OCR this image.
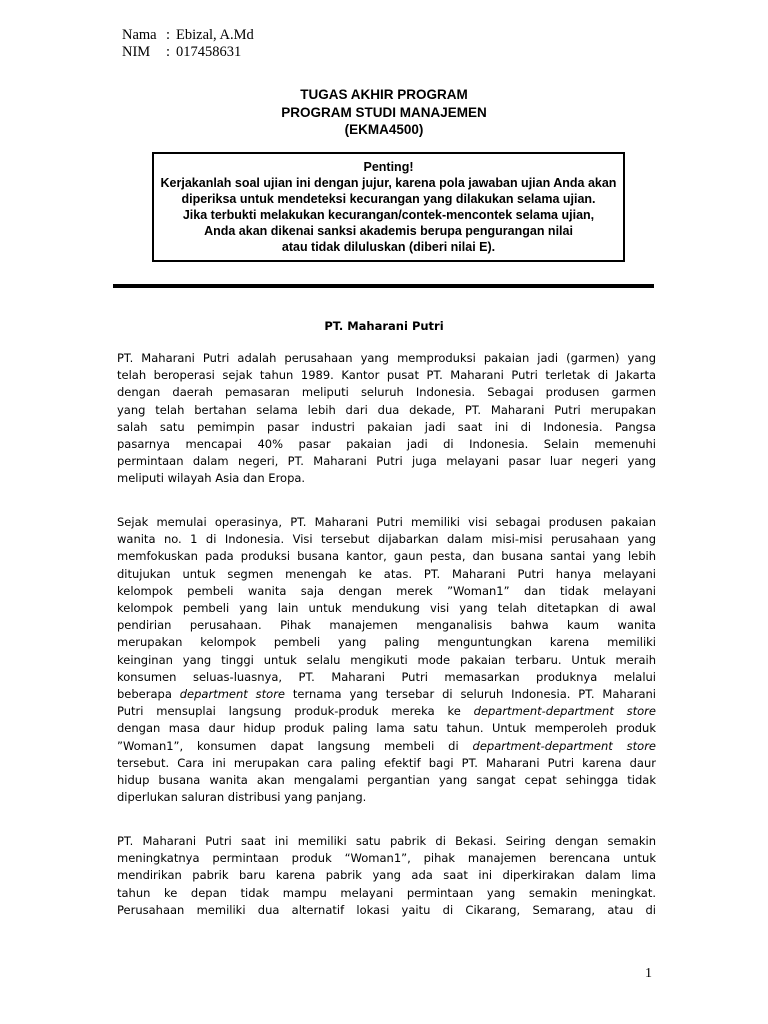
Nama : Ebizal, A.Md
NIM	: 017458631
TUGAS AKHIR PROGRAM
PROGRAM STUDI MANAJEMEN
(EKMA4500)
Penting!
Kerjakanlah soal ujian ini dengan jujur, karena pola jawaban ujian Anda akan
diperiksa untuk mendeteksi kecurangan yang dilakukan selama ujian.
Jika terbukti melakukan kecurangan/contek-mencontek selama ujian,
Anda akan dikenai sanksi akademis berupa pengurangan nilai
atau tidak diluluskan (diberi nilai E).
PT. Maharani Putri
PT. Maharani Putri adalah perusahaan yang memproduksi pakaian jadi (garmen) yang
telah beroperasi sejak tahun 1989. Kantor pusat PT. Maharani Putri terletak di Jakarta
dengan daerah pemasaran meliputi seluruh Indonesia. Sebagai produsen garmen
yang telah bertahan selama lebih dari dua dekade, PT. Maharani Putri merupakan
salah satu pemimpin pasar industri pakaian jadi saat ini di Indonesia. Pangsa
pasarnya mencapai 40% pasar pakaian jadi di Indonesia. Selain memenuhi
permintaan dalam negeri, PT. Maharani Putri juga melayani pasar luar negeri yang
meliputi wilayah Asia dan Eropa.
Sejak memulai operasinya, PT. Maharani Putri memiliki visi sebagai produsen pakaian
wanita no. 1 di Indonesia. Visi tersebut dijabarkan dalam misi-misi perusahaan yang
memfokuskan pada produksi busana kantor, gaun pesta, dan busana santai yang lebih
ditujukan untuk segmen menengah ke atas. PT. Maharani Putri hanya melayani
kelompok pembeli wanita saja dengan merek ”Woman1” dan tidak melayani
kelompok pembeli yang lain untuk mendukung visi yang telah ditetapkan di awal
pendirian perusahaan. Pihak manajemen menganalisis bahwa kaum wanita
merupakan kelompok pembeli yang paling menguntungkan karena memiliki
keinginan yang tinggi untuk selalu mengikuti mode pakaian terbaru. Untuk meraih
konsumen seluas-luasnya, PT. Maharani Putri memasarkan produknya melalui
beberapa department store ternama yang tersebar di seluruh Indonesia. PT. Maharani
Putri mensuplai langsung produk-produk mereka ke department-department store
dengan masa daur hidup produk paling lama satu tahun. Untuk memperoleh produk
”Woman1”, konsumen dapat langsung membeli di department-department store
tersebut. Cara ini merupakan cara paling efektif bagi PT. Maharani Putri karena daur
hidup busana wanita akan mengalami pergantian yang sangat cepat sehingga tidak
diperlukan saluran distribusi yang panjang.
PT. Maharani Putri saat ini memiliki satu pabrik di Bekasi. Seiring dengan semakin
meningkatnya permintaan produk “Woman1”, pihak manajemen berencana untuk
mendirikan pabrik baru karena pabrik yang ada saat ini diperkirakan dalam lima
tahun ke depan tidak mampu melayani permintaan yang semakin meningkat.
Perusahaan memiliki dua alternatif lokasi yaitu di Cikarang, Semarang, atau di
1
